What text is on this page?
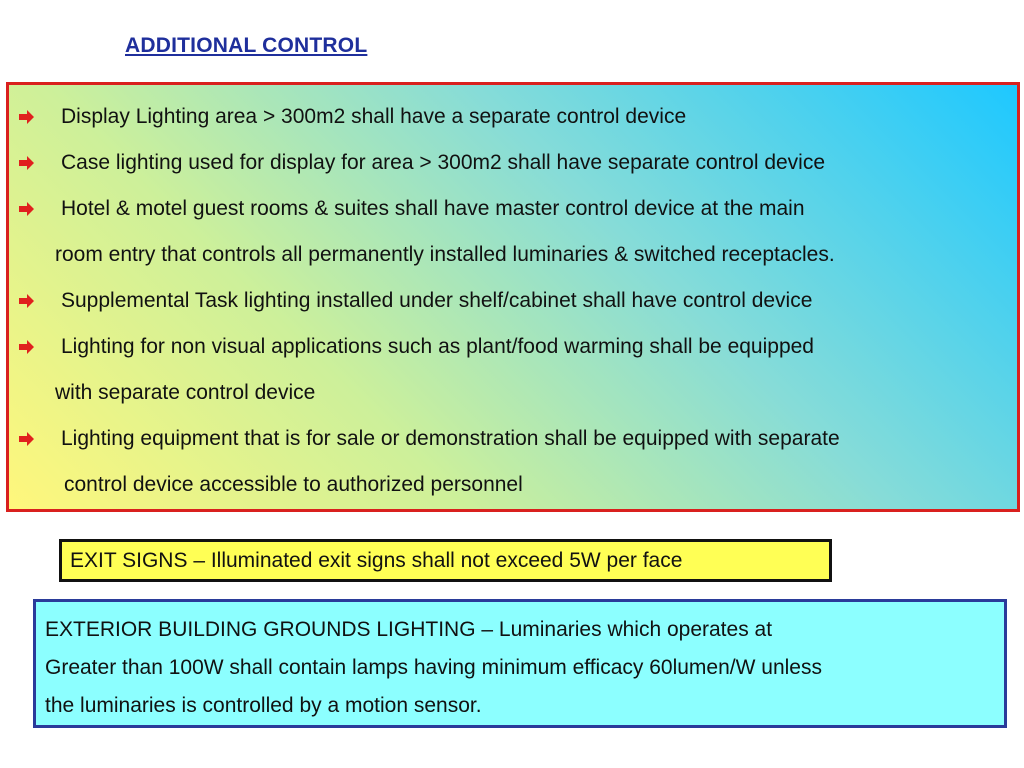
ADDITIONAL CONTROL
Display Lighting area > 300m2 shall have a separate control device
Case lighting used for display for area > 300m2 shall have separate control device
Hotel & motel guest rooms & suites shall have master control device at the main
room entry that controls all permanently installed luminaries & switched receptacles.
Supplemental Task lighting installed under shelf/cabinet shall have control device
Lighting for non visual applications such as plant/food warming shall be equipped
with separate control device
Lighting equipment that is for sale or demonstration shall be equipped with separate
control device accessible to authorized personnel
EXIT SIGNS – Illuminated exit signs shall not exceed 5W per face
EXTERIOR BUILDING GROUNDS LIGHTING – Luminaries which operates at
Greater than 100W shall contain lamps having minimum efficacy 60lumen/W unless
the luminaries is controlled by a motion sensor.
